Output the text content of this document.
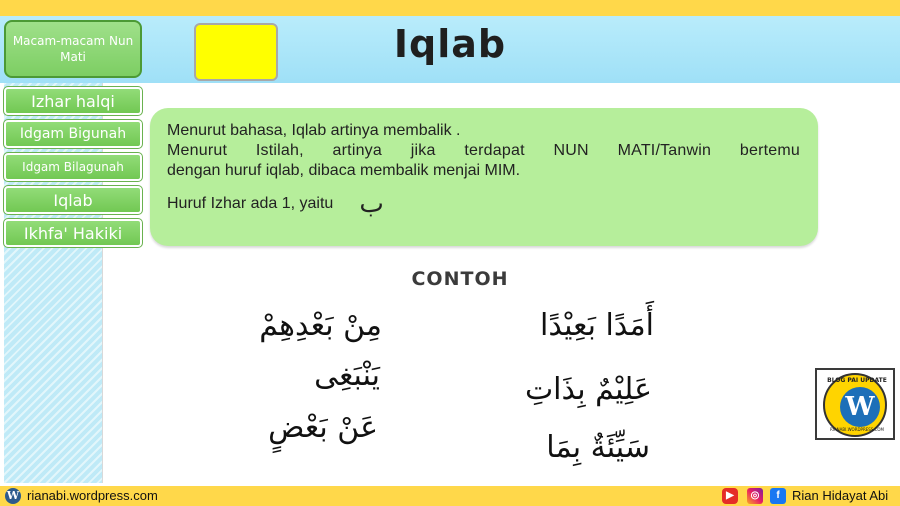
Macam-macam Nun Mati	Iqlab
Izhar halqi
Idgam Bigunah
Idgam Bilagunah
Iqlab
Ikhfa' Hakiki
Menurut bahasa, Iqlab artinya membalik .
Menurut Istilah, artinya jika terdapat NUN MATI/Tanwin bertemu
dengan huruf iqlab, dibaca membalik menjai MIM.
Huruf Izhar ada 1, yaitu ب
CONTOH
مِنْ بَعْدِهِمْ
يَنْبَغِى
عَنْ بَعْضٍ
أَمَدًا بَعِيْدًا
عَلِيْمٌ بِذَاتِ
سَيِّئَةٌ بِمَا
BLOG PAI UPDATE
W
RIANABI.WORDPRESS.COM
W rianabi.wordpress.com	▶	◎	f Rian Hidayat Abi
